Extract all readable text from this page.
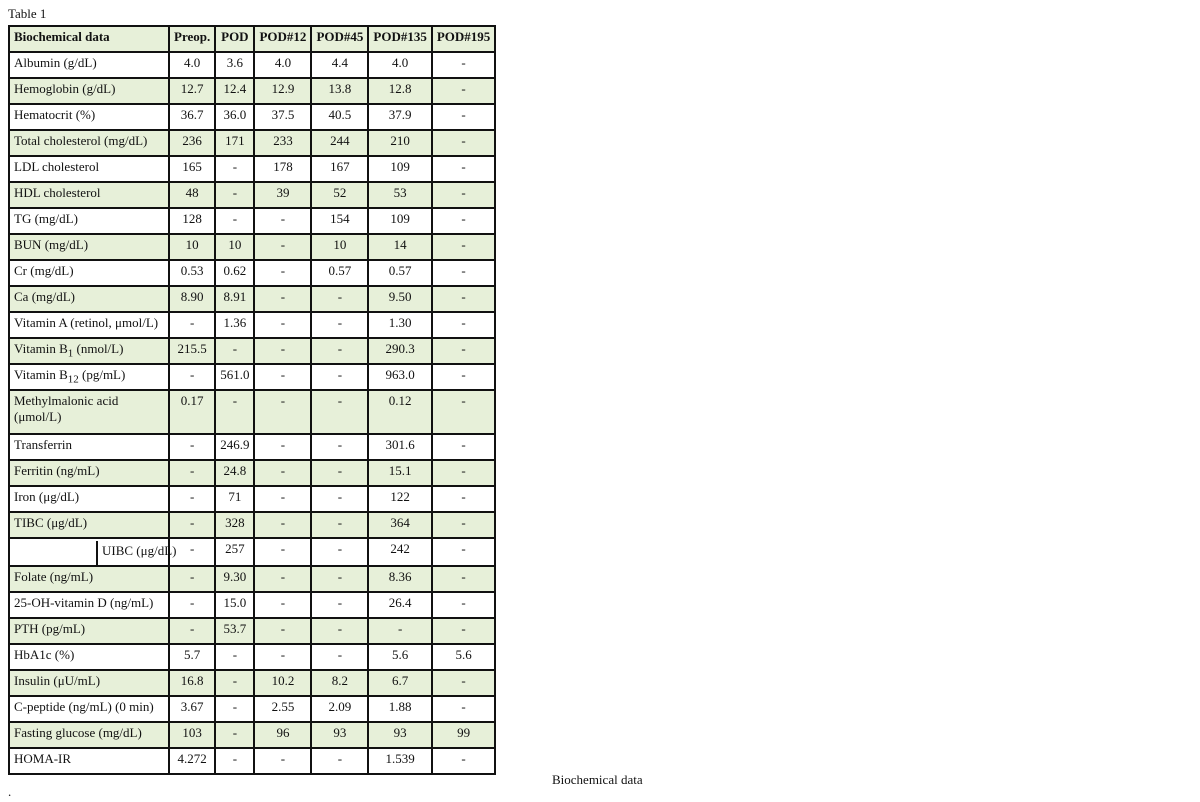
Table 1
Biochemical data	Preop.	POD	POD#12	POD#45	POD#135	POD#195
Albumin (g/dL)	4.0	3.6	4.0	4.4	4.0	-
Hemoglobin (g/dL)	12.7	12.4	12.9	13.8	12.8	-
Hematocrit (%)	36.7	36.0	37.5	40.5	37.9	-
Total cholesterol (mg/dL)	236	171	233	244	210	-
LDL cholesterol	165	-	178	167	109	-
HDL cholesterol	48	-	39	52	53	-
TG (mg/dL)	128	-	-	154	109	-
BUN (mg/dL)	10	10	-	10	14	-
Cr (mg/dL)	0.53	0.62	-	0.57	0.57	-
Ca (mg/dL)	8.90	8.91	-	-	9.50	-
Vitamin A (retinol, μmol/L)	-	1.36	-	-	1.30	-
Vitamin $B_1$ (nmol/L)	215.5	-	-	-	290.3	-
Vitamin $B_{12}$ (pg/mL)	-	561.0	-	-	963.0	-
Methylmalonic acid (μmol/L)	0.17	-	-	-	0.12	-
Transferrin	-	246.9	-	-	301.6	-
Ferritin (ng/mL)	-	24.8	-	-	15.1	-
Iron (μg/dL)	-	71	-	-	122	-
TIBC (μg/dL)	-	328	-	-	364	-

UIBC (μg/dL)	-	257	-	-	242	-
Folate (ng/mL)	-	9.30	-	-	8.36	-
25-OH-vitamin D (ng/mL)	-	15.0	-	-	26.4	-
PTH (pg/mL)	-	53.7	-	-	-	-
HbA1c (%)	5.7	-	-	-	5.6	5.6
Insulin (μU/mL)	16.8	-	10.2	8.2	6.7	-
C-peptide (ng/mL) (0 min)	3.67	-	2.55	2.09	1.88	-
Fasting glucose (mg/dL)	103	-	96	93	93	99
HOMA-IR	4.272	-	-	-	1.539	-
Biochemical data
.
